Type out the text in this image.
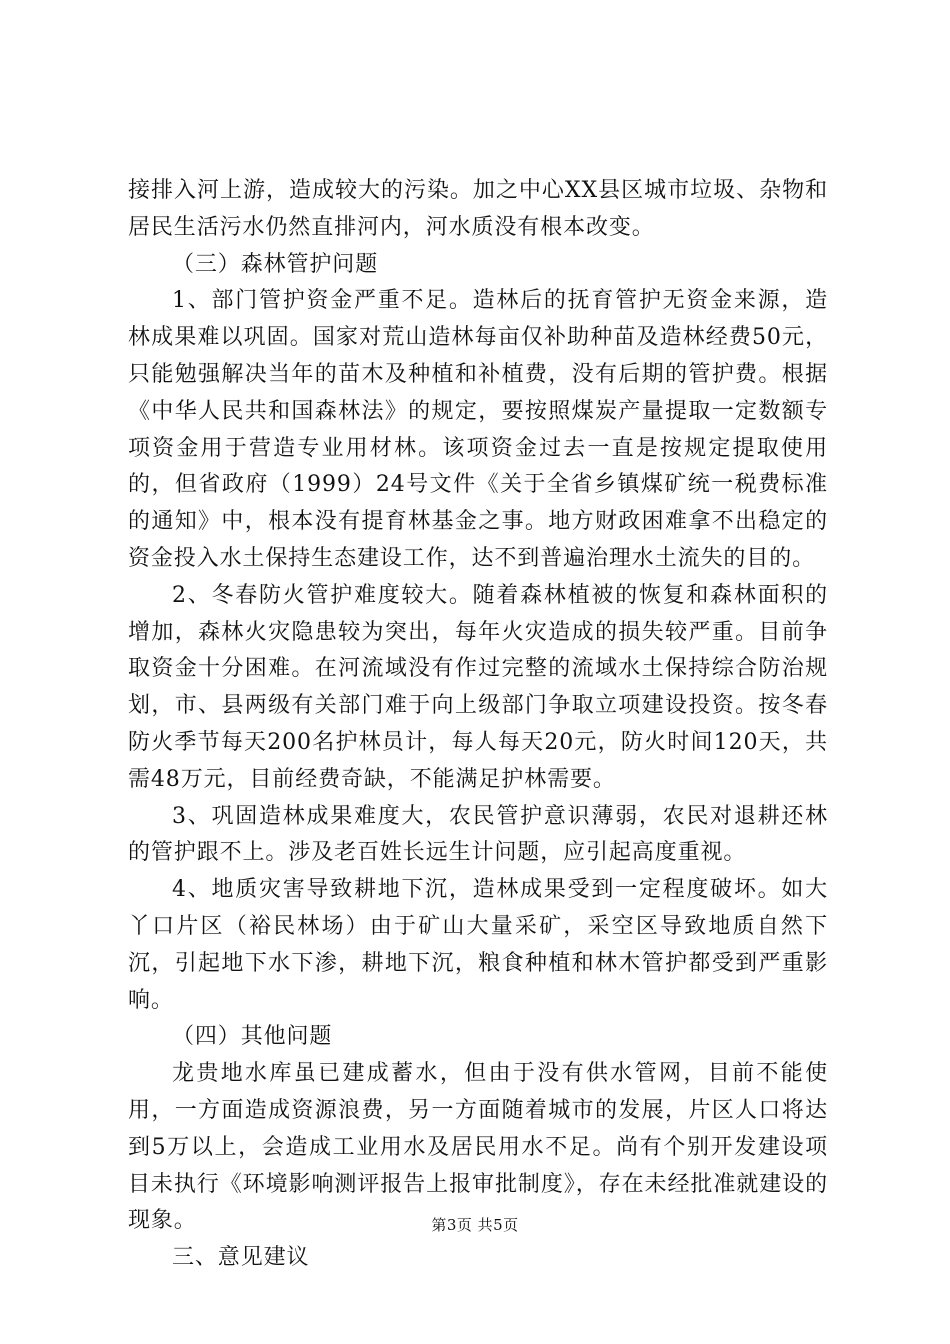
接排入河上游，造成较大的污染。加之中心XX县区城市垃圾、杂物和居民生活污水仍然直排河内，河水质没有根本改变。

（三）森林管护问题

1、部门管护资金严重不足。造林后的抚育管护无资金来源，造林成果难以巩固。国家对荒山造林每亩仅补助种苗及造林经费50元，只能勉强解决当年的苗木及种植和补植费，没有后期的管护费。根据《中华人民共和国森林法》的规定，要按照煤炭产量提取一定数额专项资金用于营造专业用材林。该项资金过去一直是按规定提取使用的，但省政府（1999）24号文件《关于全省乡镇煤矿统一税费标准的通知》中，根本没有提育林基金之事。地方财政困难拿不出稳定的资金投入水土保持生态建设工作，达不到普遍治理水土流失的目的。

2、冬春防火管护难度较大。随着森林植被的恢复和森林面积的增加，森林火灾隐患较为突出，每年火灾造成的损失较严重。目前争取资金十分困难。在河流域没有作过完整的流域水土保持综合防治规划，市、县两级有关部门难于向上级部门争取立项建设投资。按冬春防火季节每天200名护林员计，每人每天20元，防火时间120天，共需48万元，目前经费奇缺，不能满足护林需要。

3、巩固造林成果难度大，农民管护意识薄弱，农民对退耕还林的管护跟不上。涉及老百姓长远生计问题，应引起高度重视。

4、地质灾害导致耕地下沉，造林成果受到一定程度破坏。如大丫口片区（裕民林场）由于矿山大量采矿，采空区导致地质自然下沉，引起地下水下渗，耕地下沉，粮食种植和林木管护都受到严重影响。

（四）其他问题

龙贵地水库虽已建成蓄水，但由于没有供水管网，目前不能使用，一方面造成资源浪费，另一方面随着城市的发展，片区人口将达到5万以上，会造成工业用水及居民用水不足。尚有个别开发建设项目未执行《环境影响测评报告上报审批制度》，存在未经批准就建设的现象。

三、意见建议

第3页 共5页
